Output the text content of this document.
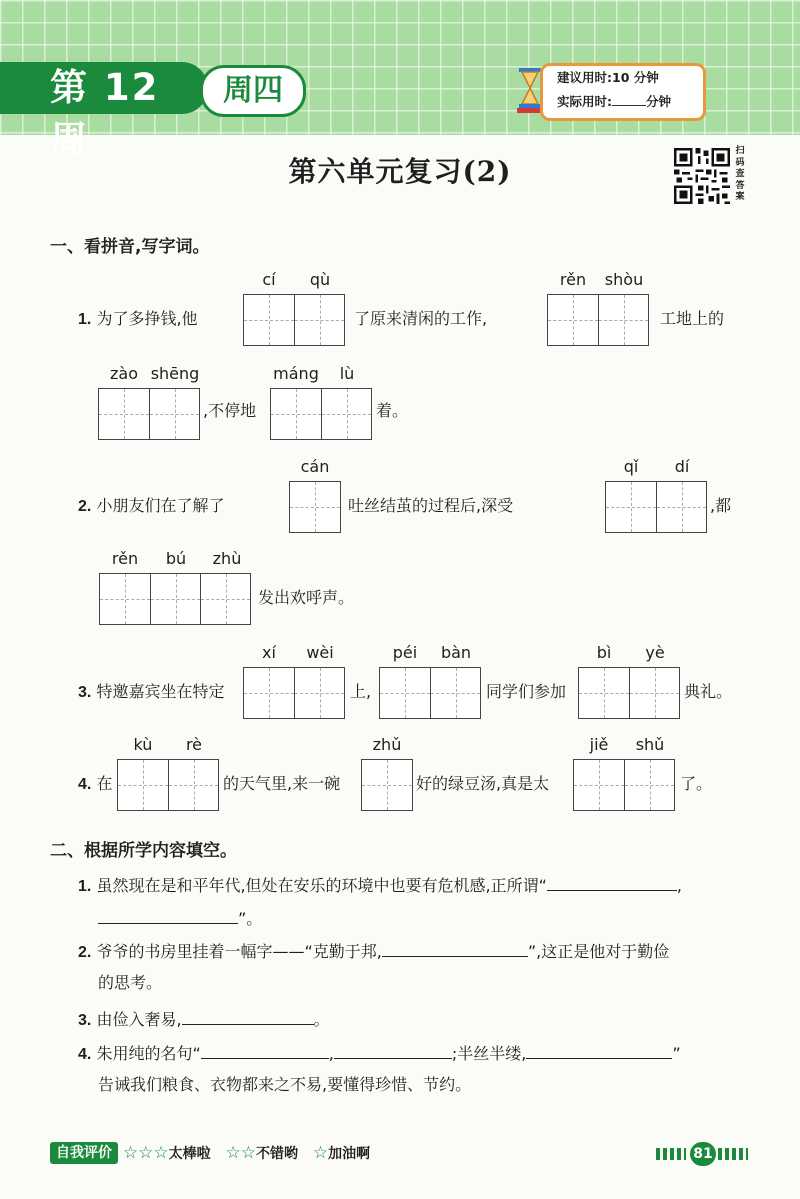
第 12 周
周四	建议用时:10 分钟
实际用时:	分钟
第六单元复习(2)
扫
码
查
答
案
一、看拼音,写字词。
cí	qù	rěn	shòu
1. 为了多挣钱,他	了原来清闲的工作,	工地上的
zào shēng
,不停地
máng	lù
着。
cán
2. 小朋友们在了解了	吐丝结茧的过程后,深受
qǐ	dí
,都
rěn	bú	zhù
发出欢呼声。
xí	wèi
3. 特邀嘉宾坐在特定	上,
péi	bàn
同学们参加
bì	yè
典礼。
kù	rè
4. 在	的天气里,来一碗
zhǔ
好的绿豆汤,真是太
jiě	shǔ
了。
二、根据所学内容填空。
1. 虽然现在是和平年代,但处在安乐的环境中也要有危机感,正所谓“	,
”。
2. 爷爷的书房里挂着一幅字——“克勤于邦,	”,这正是他对于勤俭
的思考。
3. 由俭入奢易,	。
4. 朱用纯的名句“	,	;半丝半缕,	”
告诫我们粮食、衣物都来之不易,要懂得珍惜、节约。
自我评价 ☆☆☆太棒啦 ☆☆不错哟 ☆加油啊	81
